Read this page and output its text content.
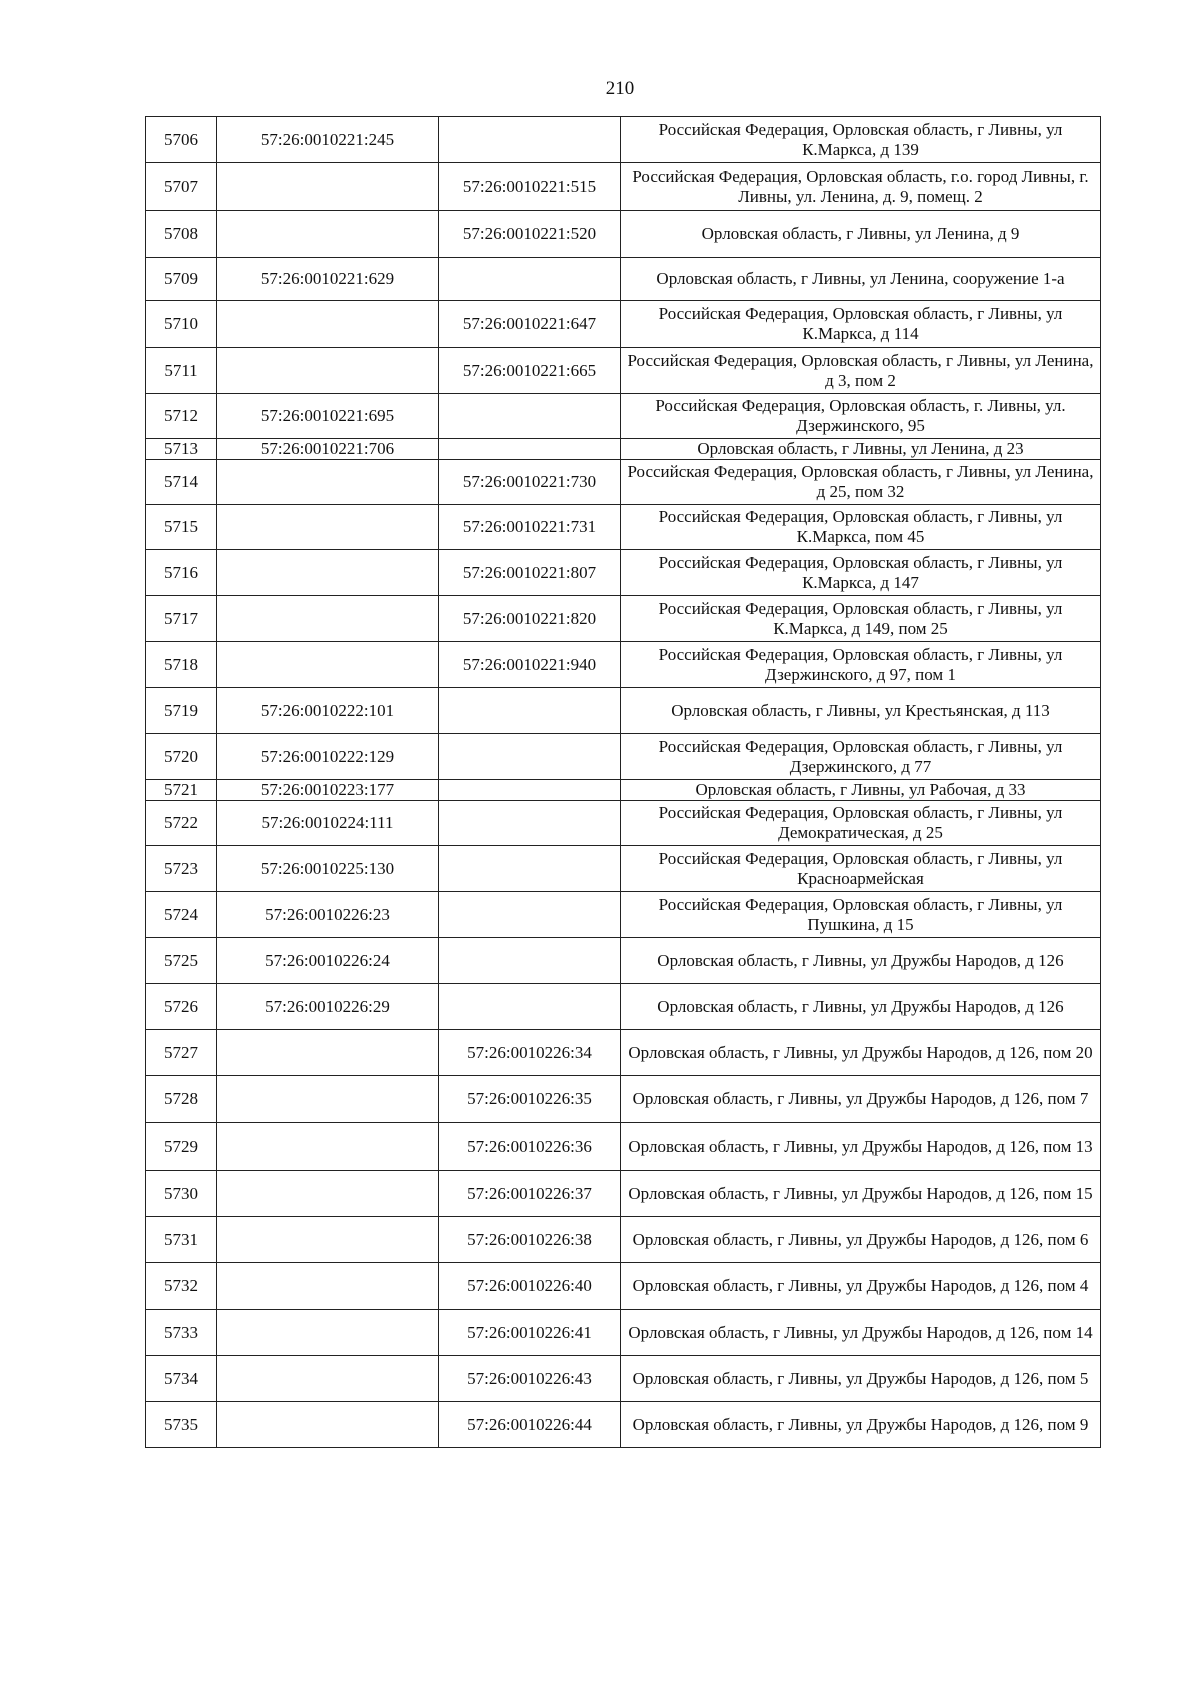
210
5706	57:26:0010221:245		Российская Федерация, Орловская область, г Ливны, ул К.Маркса, д 139
5707		57:26:0010221:515	Российская Федерация, Орловская область, г.о. город Ливны, г. Ливны, ул. Ленина, д. 9, помещ. 2
5708		57:26:0010221:520	Орловская область, г Ливны, ул Ленина, д 9
5709	57:26:0010221:629		Орловская область, г Ливны, ул Ленина, сооружение 1-а
5710		57:26:0010221:647	Российская Федерация, Орловская область, г Ливны, ул К.Маркса, д 114
5711		57:26:0010221:665	Российская Федерация, Орловская область, г Ливны, ул Ленина, д 3, пом 2
5712	57:26:0010221:695		Российская Федерация, Орловская область, г. Ливны, ул. Дзержинского, 95
5713	57:26:0010221:706		Орловская область, г Ливны, ул Ленина, д 23
5714		57:26:0010221:730	Российская Федерация, Орловская область, г Ливны, ул Ленина, д 25, пом 32
5715		57:26:0010221:731	Российская Федерация, Орловская область, г Ливны, ул К.Маркса, пом 45
5716		57:26:0010221:807	Российская Федерация, Орловская область, г Ливны, ул К.Маркса, д 147
5717		57:26:0010221:820	Российская Федерация, Орловская область, г Ливны, ул К.Маркса, д 149, пом 25
5718		57:26:0010221:940	Российская Федерация, Орловская область, г Ливны, ул Дзержинского, д 97, пом 1
5719	57:26:0010222:101		Орловская область, г Ливны, ул Крестьянская, д 113
5720	57:26:0010222:129		Российская Федерация, Орловская область, г Ливны, ул Дзержинского, д 77
5721	57:26:0010223:177		Орловская область, г Ливны, ул Рабочая, д 33
5722	57:26:0010224:111		Российская Федерация, Орловская область, г Ливны, ул Демократическая, д 25
5723	57:26:0010225:130		Российская Федерация, Орловская область, г Ливны, ул Красноармейская
5724	57:26:0010226:23		Российская Федерация, Орловская область, г Ливны, ул Пушкина, д 15
5725	57:26:0010226:24		Орловская область, г Ливны, ул Дружбы Народов, д 126
5726	57:26:0010226:29		Орловская область, г Ливны, ул Дружбы Народов, д 126
5727		57:26:0010226:34	Орловская область, г Ливны, ул Дружбы Народов, д 126, пом 20
5728		57:26:0010226:35	Орловская область, г Ливны, ул Дружбы Народов, д 126, пом 7
5729		57:26:0010226:36	Орловская область, г Ливны, ул Дружбы Народов, д 126, пом 13
5730		57:26:0010226:37	Орловская область, г Ливны, ул Дружбы Народов, д 126, пом 15
5731		57:26:0010226:38	Орловская область, г Ливны, ул Дружбы Народов, д 126, пом 6
5732		57:26:0010226:40	Орловская область, г Ливны, ул Дружбы Народов, д 126, пом 4
5733		57:26:0010226:41	Орловская область, г Ливны, ул Дружбы Народов, д 126, пом 14
5734		57:26:0010226:43	Орловская область, г Ливны, ул Дружбы Народов, д 126, пом 5
5735		57:26:0010226:44	Орловская область, г Ливны, ул Дружбы Народов, д 126, пом 9
